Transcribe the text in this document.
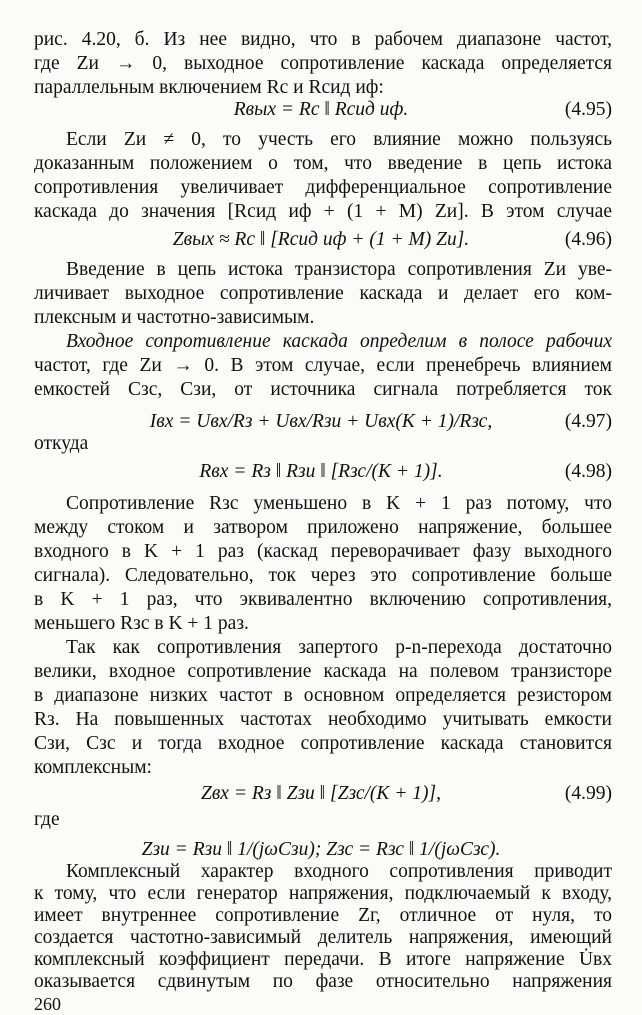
рис. 4.20, б. Из нее видно, что в рабочем диапазоне частот,
где Zи → 0, выходное сопротивление каскада определяется
параллельным включением Rс и Rсид иф:
Rвых = Rс ‖ Rсид иф.	(4.95)
Если Zи ≠ 0, то учесть его влияние можно пользуясь
доказанным положением о том, что введение в цепь истока
сопротивления увеличивает дифференциальное сопротивление
каскада до значения [Rсид иф + (1 + M) Zи]. В этом случае
Zвых ≈ Rс ‖ [Rсид иф + (1 + M) Zи].	(4.96)
Введение в цепь истока транзистора сопротивления Zи уве-
личивает выходное сопротивление каскада и делает его ком-
плексным и частотно-зависимым.
Входное сопротивление каскада определим в полосе рабочих
частот, где Zи → 0. В этом случае, если пренебречь влиянием
емкостей Cзс, Cзи, от источника сигнала потребляется ток
Iвх = Uвх/Rз + Uвх/Rзи + Uвх(K + 1)/Rзс,	(4.97)
откуда
Rвх = Rз ‖ Rзи ‖ [Rзс/(K + 1)].	(4.98)
Сопротивление Rзс уменьшено в K + 1 раз потому, что
между стоком и затвором приложено напряжение, большее
входного в K + 1 раз (каскад переворачивает фазу выходного
сигнала). Следовательно, ток через это сопротивление больше
в K + 1 раз, что эквивалентно включению сопротивления,
меньшего Rзс в K + 1 раз.
Так как сопротивления запертого p-n-перехода достаточно
велики, входное сопротивление каскада на полевом транзисторе
в диапазоне низких частот в основном определяется резистором
Rз. На повышенных частотах необходимо учитывать емкости
Cзи, Cзс и тогда входное сопротивление каскада становится
комплексным:
Zвх = Rз ‖ Zзи ‖ [Zзс/(K + 1)],	(4.99)
где
Zзи = Rзи ‖ 1/(jωCзи); Zзс = Rзс ‖ 1/(jωCзс).
Комплексный характер входного сопротивления приводит
к тому, что если генератор напряжения, подключаемый к входу,
имеет внутреннее сопротивление Zг, отличное от нуля, то
создается частотно-зависимый делитель напряжения, имеющий
комплексный коэффициент передачи. В итоге напряжение U̇вх
оказывается сдвинутым по фазе относительно напряжения
260
